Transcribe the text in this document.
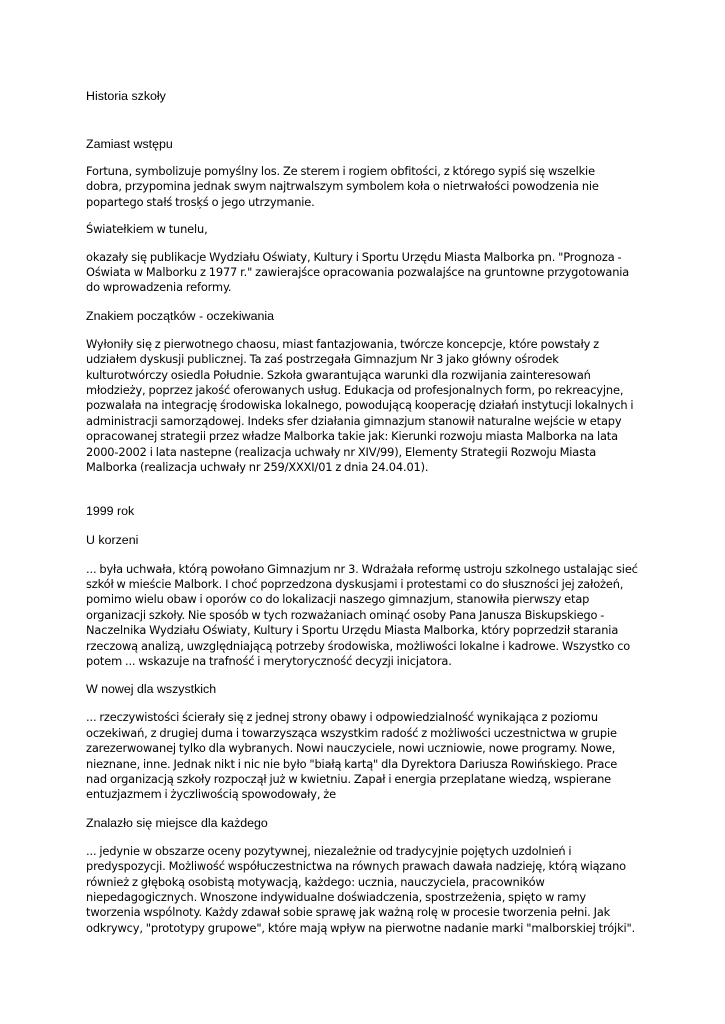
Historia szkoły

Zamiast wstępu

Fortuna, symbolizuje pomyślny los. Ze sterem i rogiem obfitości, z którego sypiś się wszelkie dobra, przypomina jednak swym najtrwalszym symbolem koła o nietrwałości powodzenia nie popartego stałś trosķś o jego utrzymanie.

Światełkiem w tunelu,

okazały się publikacje Wydziału Oświaty, Kultury i Sportu Urzędu Miasta Malborka pn. "Prognoza - Oświata w Malborku z 1977 r." zawierajśce opracowania pozwalajśce na gruntowne przygotowania do wprowadzenia reformy.

Znakiem początków - oczekiwania

Wyłoniły się z pierwotnego chaosu, miast fantazjowania, twórcze koncepcje, które powstały z udziałem dyskusji publicznej. Ta zaś postrzegała Gimnazjum Nr 3 jako główny ośrodek kulturotwórczy osiedla Południe. Szkoła gwarantująca warunki dla rozwijania zainteresowań młodzieży, poprzez jakość oferowanych usług. Edukacja od profesjonalnych form, po rekreacyjne, pozwalała na integrację środowiska lokalnego, powodującą kooperację działań instytucji lokalnych i administracji samorządowej. Indeks sfer działania gimnazjum stanowił naturalne wejście w etapy opracowanej strategii przez władze Malborka takie jak: Kierunki rozwoju miasta Malborka na lata 2000-2002 i lata nastepne (realizacja uchwały nr XIV/99), Elementy Strategii Rozwoju Miasta Malborka (realizacja uchwały nr 259/XXXI/01 z dnia 24.04.01).

1999 rok

U korzeni

... była uchwała, którą powołano Gimnazjum nr 3. Wdrażała reformę ustroju szkolnego ustalając sieć szkół w mieście Malbork. I choć poprzedzona dyskusjami i protestami co do słuszności jej założeń, pomimo wielu obaw i oporów co do lokalizacji naszego gimnazjum, stanowiła pierwszy etap organizacji szkoły. Nie sposób w tych rozważaniach ominąć osoby Pana Janusza Biskupskiego - Naczelnika Wydziału Oświaty, Kultury i Sportu Urzędu Miasta Malborka, który poprzedził starania rzeczową analizą, uwzględniającą potrzeby środowiska, możliwości lokalne i kadrowe. Wszystko co potem ... wskazuje na trafność i merytoryczność decyzji inicjatora.

W nowej dla wszystkich

... rzeczywistości ścierały się z jednej strony obawy i odpowiedzialność wynikająca z poziomu oczekiwań, z drugiej duma i towarzysząca wszystkim radość z możliwości uczestnictwa w grupie zarezerwowanej tylko dla wybranych. Nowi nauczyciele, nowi uczniowie, nowe programy. Nowe, nieznane, inne. Jednak nikt i nic nie było "białą kartą" dla Dyrektora Dariusza Rowińskiego. Prace nad organizacją szkoły rozpoczął już w kwietniu. Zapał i energia przeplatane wiedzą, wspierane entuzjazmem i życzliwością spowodowały, że

Znalazło się miejsce dla każdego

... jedynie w obszarze oceny pozytywnej, niezależnie od tradycyjnie pojętych uzdolnień i predyspozycji. Możliwość współuczestnictwa na równych prawach dawała nadzieję, którą wiązano również z głęboką osobistą motywacją, każdego: ucznia, nauczyciela, pracowników niepedagogicznych. Wnoszone indywidualne doświadczenia, spostrzeżenia, spięto w ramy tworzenia wspólnoty. Każdy zdawał sobie sprawę jak ważną rolę w procesie tworzenia pełni. Jak odkrywcy, "prototypy grupowe", które mają wpływ na pierwotne nadanie marki "malborskiej trójki".
